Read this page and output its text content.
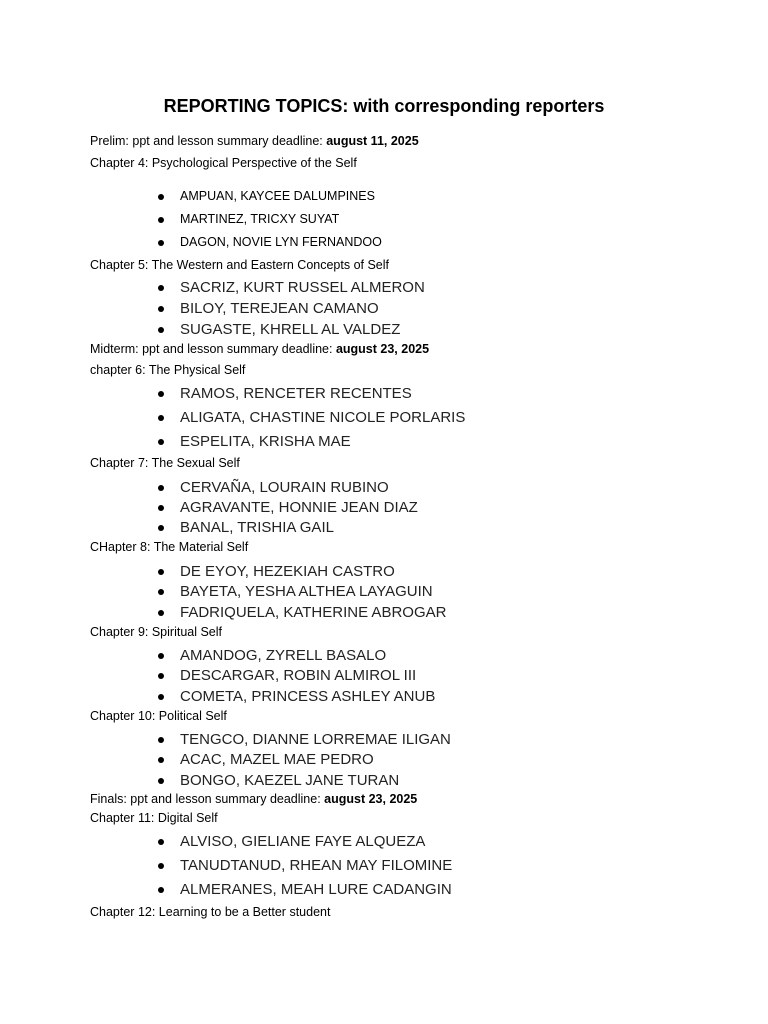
REPORTING TOPICS: with corresponding reporters
Prelim: ppt and lesson summary deadline: august 11, 2025
Chapter 4: Psychological Perspective of the Self
AMPUAN, KAYCEE DALUMPINES
MARTINEZ, TRICXY SUYAT
DAGON, NOVIE LYN FERNANDOO
Chapter 5: The Western and Eastern Concepts of Self
SACRIZ, KURT RUSSEL ALMERON
BILOY, TEREJEAN CAMANO
SUGASTE, KHRELL AL VALDEZ
Midterm: ppt and lesson summary deadline: august 23, 2025
chapter 6: The Physical Self
RAMOS, RENCETER RECENTES
ALIGATA, CHASTINE NICOLE PORLARIS
ESPELITA, KRISHA MAE
Chapter 7: The Sexual Self
CERVAÑA, LOURAIN RUBINO
AGRAVANTE, HONNIE JEAN DIAZ
BANAL, TRISHIA GAIL
CHapter 8: The Material Self
DE EYOY, HEZEKIAH CASTRO
BAYETA, YESHA ALTHEA LAYAGUIN
FADRIQUELA, KATHERINE ABROGAR
Chapter 9: Spiritual Self
AMANDOG, ZYRELL BASALO
DESCARGAR, ROBIN ALMIROL III
COMETA, PRINCESS ASHLEY ANUB
Chapter 10: Political Self
TENGCO, DIANNE LORREMAE ILIGAN
ACAC, MAZEL MAE PEDRO
BONGO, KAEZEL JANE TURAN
Finals: ppt and lesson summary deadline: august 23, 2025
Chapter 11: Digital Self
ALVISO, GIELIANE FAYE ALQUEZA
TANUDTANUD, RHEAN MAY FILOMINE
ALMERANES, MEAH LURE CADANGIN
Chapter 12: Learning to be a Better student
